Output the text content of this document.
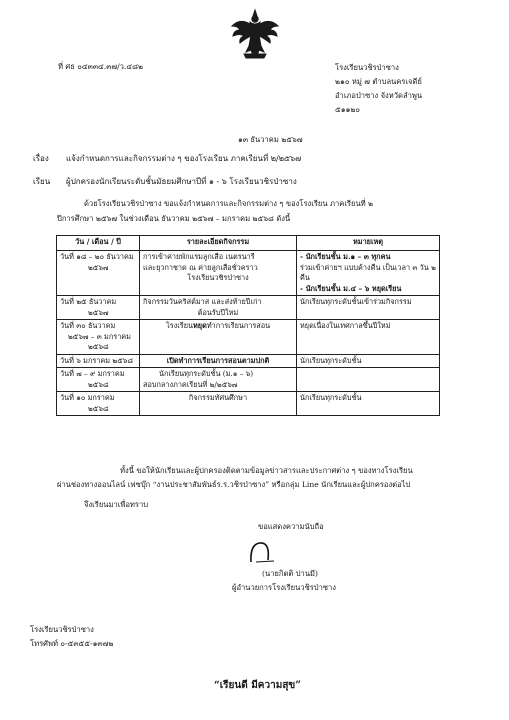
ที่ ศธ ๐๔๓๓๔.๓๗/ว.๔๘๒	โรงเรียนวชิรป่าซาง
๒๑๐ หมู่ ๗ ตำบลนครเจดีย์
อำเภอป่าซาง จังหวัดลำพูน
๕๑๑๒๐
๑๓ ธันวาคม ๒๕๖๗
เรื่อง แจ้งกำหนดการและกิจกรรมต่าง ๆ ของโรงเรียน ภาคเรียนที่ ๒/๒๕๖๗
เรียน ผู้ปกครองนักเรียนระดับชั้นมัธยมศึกษาปีที่ ๑ - ๖ โรงเรียนวชิรป่าซาง
ด้วยโรงเรียนวชิรป่าซาง ขอแจ้งกำหนดการและกิจกรรมต่าง ๆ ของโรงเรียน ภาคเรียนที่ ๒
ปีการศึกษา ๒๕๖๗ ในช่วงเดือน ธันวาคม ๒๕๖๗ – มกราคม ๒๕๖๘ ดังนี้
วัน / เดือน / ปี	รายละเอียดกิจกรรม	หมายเหตุ

วันที่ ๑๘ – ๒๐ ธันวาคม
๒๕๖๗	การเข้าค่ายพักแรมลูกเสือ เนตรนารี
และยุวกาชาด ณ ค่ายลูกเสือชั่วคราว
โรงเรียนวชิรป่าซาง	- นักเรียนชั้น ม.๑ – ๓ ทุกคน
ร่วมเข้าค่ายฯ แบบค้างคืน เป็นเวลา ๓ วัน ๒ คืน
- นักเรียนชั้น ม.๔ – ๖ หยุดเรียน

วันที่ ๒๕ ธันวาคม
๒๕๖๗	กิจกรรมวันคริสต์มาส และส่งท้ายปีเก่า
ต้อนรับปีใหม่	นักเรียนทุกระดับชั้นเข้าร่วมกิจกรรม

วันที่ ๓๐ ธันวาคม
๒๕๖๗ – ๓ มกราคม
๒๕๖๘	โรงเรียนหยุดทำการเรียนการสอน	หยุดเนื่องในเทศกาลขึ้นปีใหม่

วันที่ ๖ มกราคม ๒๕๖๘	เปิดทำการเรียนการสอนตามปกติ	นักเรียนทุกระดับชั้น

วันที่ ๗ – ๙ มกราคม
๒๕๖๘	นักเรียนทุกระดับชั้น (ม.๑ – ๖)
สอบกลางภาคเรียนที่ ๒/๒๕๖๗	

วันที่ ๑๐ มกราคม
๒๕๖๘	กิจกรรมทัศนศึกษา	นักเรียนทุกระดับชั้น
ทั้งนี้ ขอให้นักเรียนและผู้ปกครองติดตามข้อมูลข่าวสารและประกาศต่าง ๆ ของทางโรงเรียน
ผ่านช่องทางออนไลน์ เฟซบุ๊ก “งานประชาสัมพันธ์ร.ร.วชิรป่าซาง” หรือกลุ่ม Line นักเรียนและผู้ปกครองต่อไป
จึงเรียนมาเพื่อทราบ
ขอแสดงความนับถือ
(นายกิตติ ปานมี)
ผู้อำนวยการโรงเรียนวชิรป่าซาง
โรงเรียนวชิรป่าซาง
โทรศัพท์ ๐-๕๓๕๕-๑๓๗๒
“เรียนดี มีความสุข”
